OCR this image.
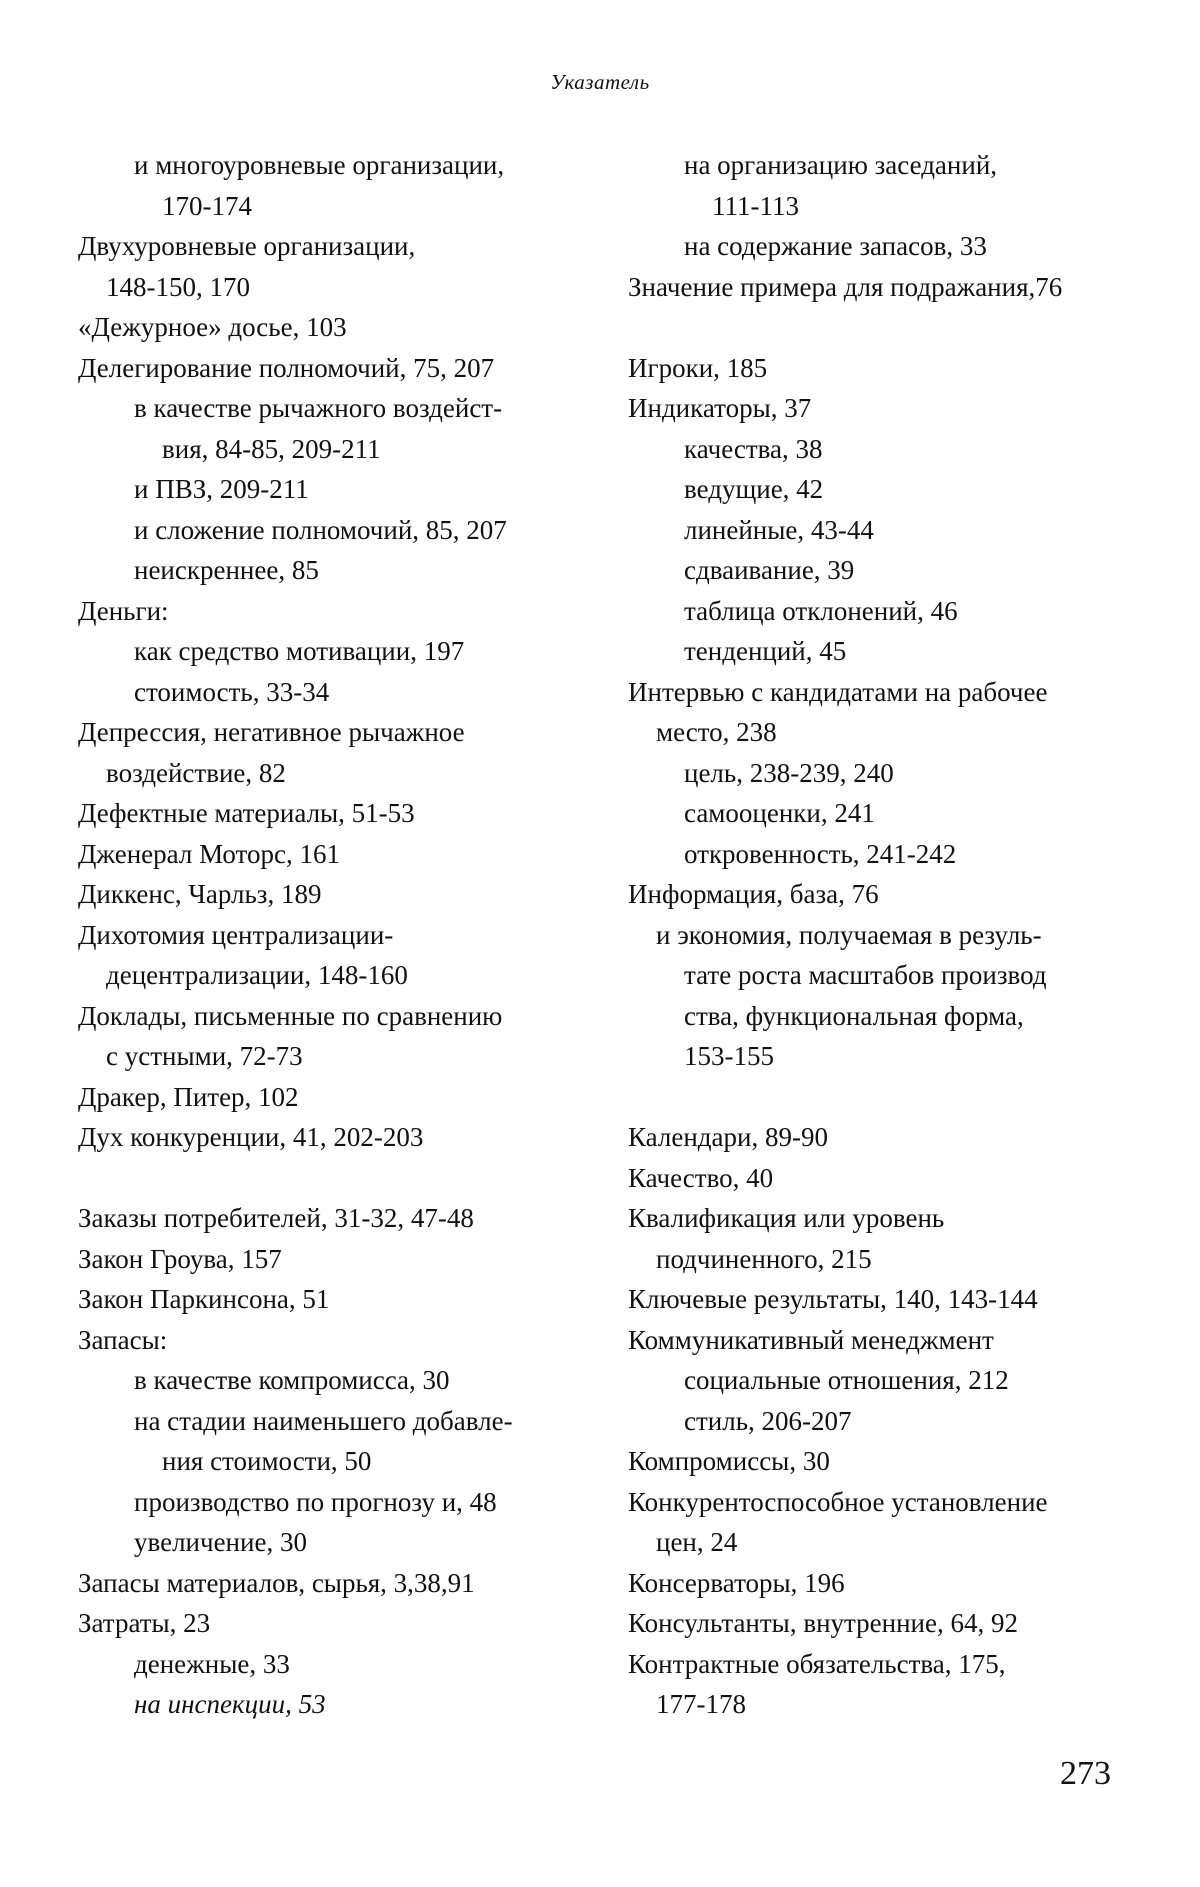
Указатель
и многоуровневые организации,
170-174
Двухуровневые организации,
148-150, 170
«Дежурное» досье, 103
Делегирование полномочий, 75, 207
в качестве рычажного воздейст-
вия, 84-85, 209-211
и ПВЗ, 209-211
и сложение полномочий, 85, 207
неискреннее, 85
Деньги:
как средство мотивации, 197
стоимость, 33-34
Депрессия, негативное рычажное
воздействие, 82
Дефектные материалы, 51-53
Дженерал Моторс, 161
Диккенс, Чарльз, 189
Дихотомия централизации-
децентрализации, 148-160
Доклады, письменные по сравнению
с устными, 72-73
Дракер, Питер, 102
Дух конкуренции, 41, 202-203
Заказы потребителей, 31-32, 47-48
Закон Гроува, 157
Закон Паркинсона, 51
Запасы:
в качестве компромисса, 30
на стадии наименьшего добавле-
ния стоимости, 50
производство по прогнозу и, 48
увеличение, 30
Запасы материалов, сырья, 3,38,91
Затраты, 23
денежные, 33
на инспекции, 53
на организацию заседаний,
111-113
на содержание запасов, 33
Значение примера для подражания,76
Игроки, 185
Индикаторы, 37
качества, 38
ведущие, 42
линейные, 43-44
сдваивание, 39
таблица отклонений, 46
тенденций, 45
Интервью с кандидатами на рабочее
место, 238
цель, 238-239, 240
самооценки, 241
откровенность, 241-242
Информация, база, 76
и экономия, получаемая в резуль-
тате роста масштабов производ
ства, функциональная форма,
153-155
Календари, 89-90
Качество, 40
Квалификация или уровень
подчиненного, 215
Ключевые результаты, 140, 143-144
Коммуникативный менеджмент
социальные отношения, 212
стиль, 206-207
Компромиссы, 30
Конкурентоспособное установление
цен, 24
Консерваторы, 196
Консультанты, внутренние, 64, 92
Контрактные обязательства, 175,
177-178
273
